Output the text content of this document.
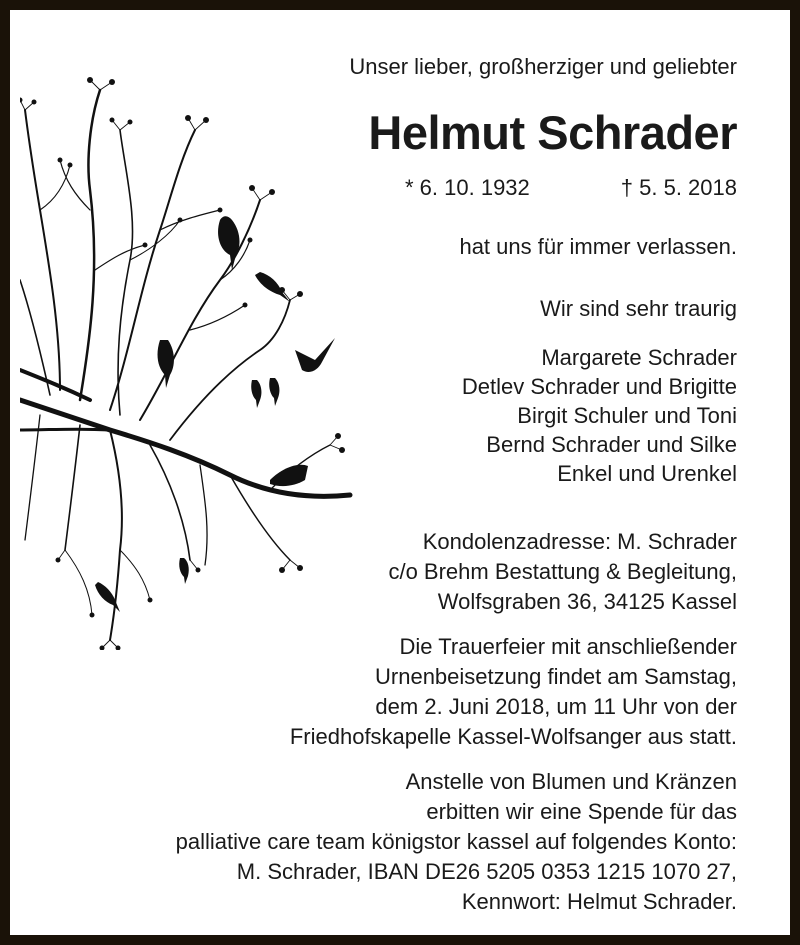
Unser lieber, großherziger und geliebter
Helmut Schrader
* 6. 10. 1932	† 5. 5. 2018
hat uns für immer verlassen.
Wir sind sehr traurig
Margarete Schrader
Detlev Schrader und Brigitte
Birgit Schuler und Toni
Bernd Schrader und Silke
Enkel und Urenkel
Kondolenzadresse: M. Schrader
c/o Brehm Bestattung & Begleitung,
Wolfsgraben 36, 34125 Kassel
Die Trauerfeier mit anschließender
Urnenbeisetzung findet am Samstag,
dem 2. Juni 2018, um 11 Uhr von der
Friedhofskapelle Kassel-Wolfsanger aus statt.
Anstelle von Blumen und Kränzen
erbitten wir eine Spende für das
palliative care team königstor kassel auf folgendes Konto:
M. Schrader, IBAN DE26 5205 0353 1215 1070 27,
Kennwort: Helmut Schrader.
